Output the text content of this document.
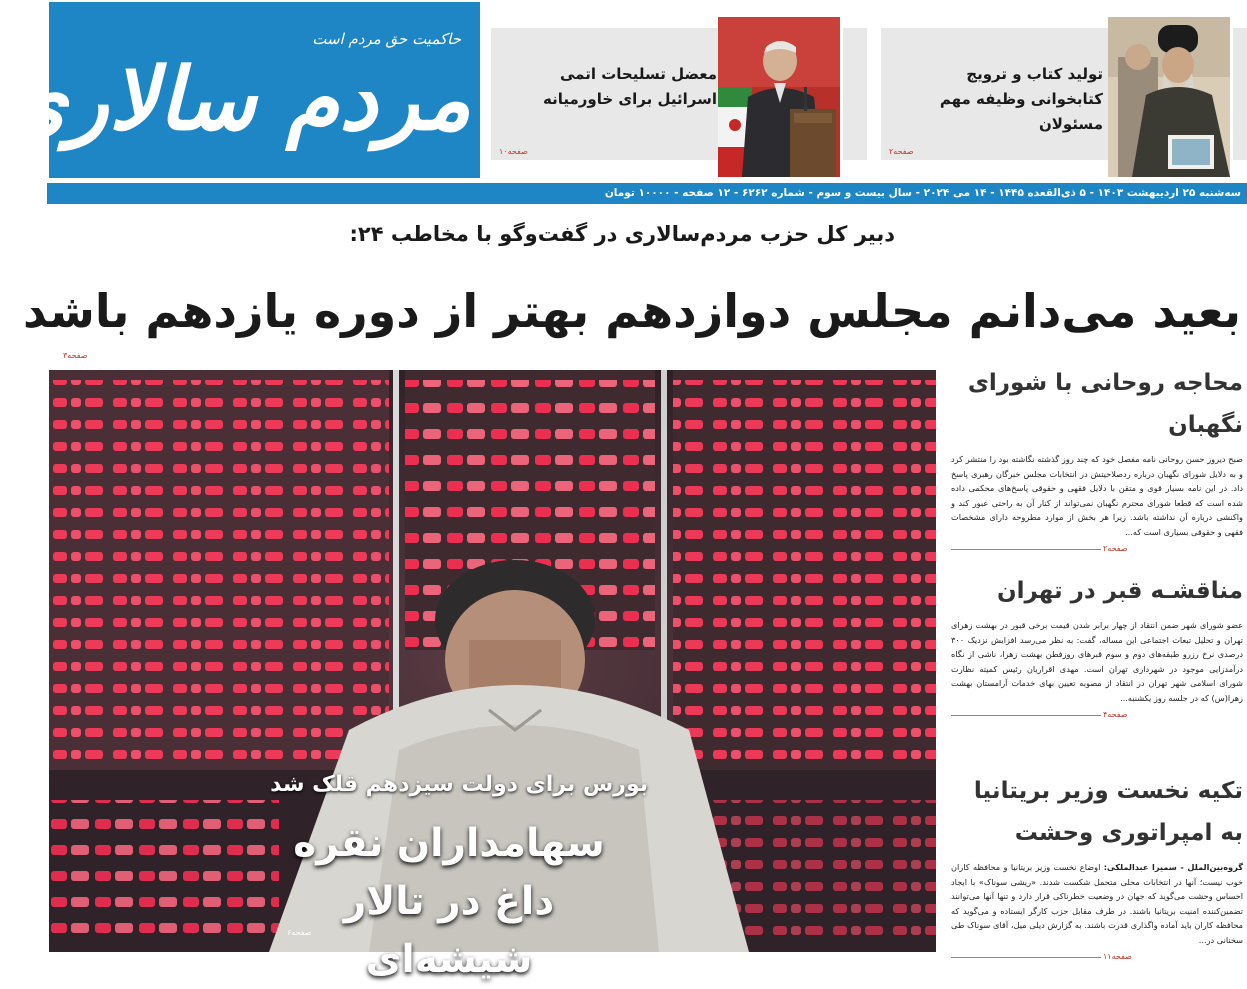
حاکمیت حق مردم است
مردم سالاری	تولید کتاب و ترویج کتابخوانی وظیفه مهم مسئولان
صفحه۲
معضل تسلیحات اتمی اسرائیل برای خاورمیانه
صفحه۱۰
سه‌شنبه ۲۵ اردیبهشت ۱۴۰۳ - ۵ ذی‌القعده ۱۴۴۵ - ۱۴ می ۲۰۲۴ - سال بیست و سوم - شماره ۶۲۶۲ - ۱۲ صفحه - ۱۰۰۰۰ تومان
دبیر کل حزب مردم‌سالاری در گفت‌وگو با مخاطب ۲۴:
بعید می‌دانم مجلس دوازدهم بهتر از دوره یازدهم باشد
صفحه۳
بورس برای دولت سیزدهم قلک شد
سهامداران نقره داغ در تالار شیشه‌ای
صفحه۶
محاجه روحانی با شورای نگهبان

صبح دیروز حسن روحانی نامه مفصل خود که چند روز گذشته نگاشته بود را منتشر کرد و به دلایل شورای نگهبان درباره ردصلاحیتش در انتخابات مجلس خبرگان رهبری پاسخ داد. در این نامه بسیار قوی و متقن با دلایل فقهی و حقوقی پاسخ‌های محکمی داده شده است که قطعا شورای محترم نگهبان نمی‌تواند از کنار آن به راحتی عبور کند و واکنشی درباره آن نداشته باشد. زیرا هر بخش از موارد مطروحه دارای مشخصات فقهی و حقوقی بسیاری است که...

صفحه۲
مناقشـه قبر در تهران

عضو شورای شهر ضمن انتقاد از چهار برابر شدن قیمت برخی قبور در بهشت زهرای تهران و تحلیل تبعات اجتماعی این مساله، گفت: به نظر می‌رسد افزایش نزدیک ۳۰۰ درصدی نرخ رزرو طبقه‌های دوم و سوم قبرهای روزفطن بهشت زهرا، ناشی از نگاه درآمدزایی موجود در شهرداری تهران است. مهدی اقراریان رئیس کمیته نظارت شورای اسلامی شهر تهران در انتقاد از مصوبه تعیین بهای خدمات آرامستان بهشت زهرا(س) که در جلسه روز یکشنبه...

صفحه۴
تکیه نخست وزیر بریتانیا به امپراتوری وحشت

گروه‌بین‌الملل - سمیرا عبدالملکی: اوضاع نخست وزیر بریتانیا و محافظه کاران خوب نیست؛ آنها در انتخابات محلی متحمل شکست شدند. «ریشی سوناک» با ایجاد احساس وحشت می‌گوید که جهان در وضعیت خطرناکی قرار دارد و تنها آنها می‌توانند تضمین‌کننده امنیت بریتانیا باشند. در طرف مقابل حزب کارگر ایستاده و می‌گوید که محافظه کاران باید آماده واگذاری قدرت باشند. به گزارش دیلی میل، آقای سوناک طی سخنانی در...

صفحه۱۱
